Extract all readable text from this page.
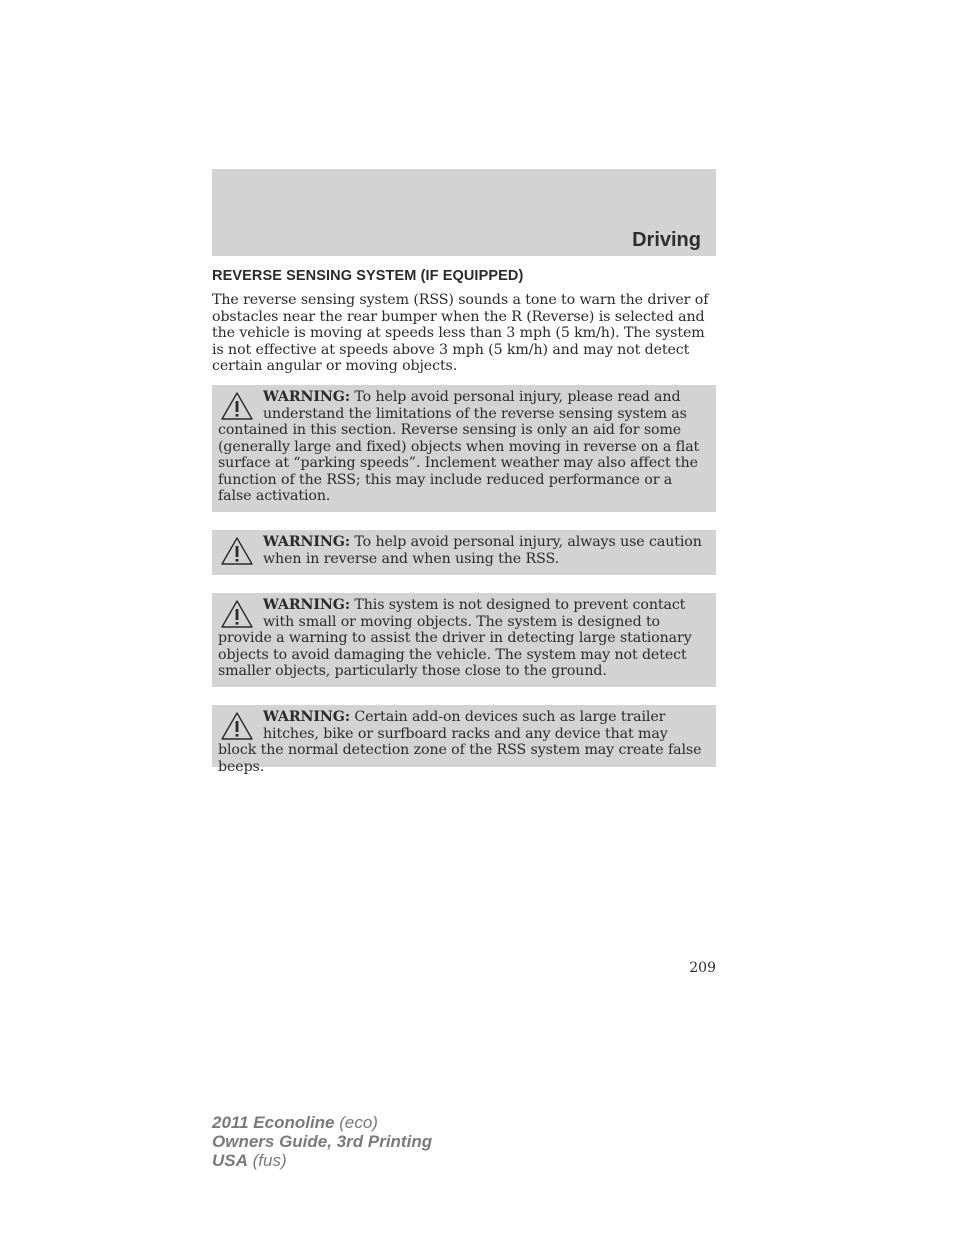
Driving
REVERSE SENSING SYSTEM (IF EQUIPPED)

The reverse sensing system (RSS) sounds a tone to warn the driver of obstacles near the rear bumper when the R (Reverse) is selected and the vehicle is moving at speeds less than 3 mph (5 km/h). The system is not effective at speeds above 3 mph (5 km/h) and may not detect certain angular or moving objects.

WARNING: To help avoid personal injury, please read and understand the limitations of the reverse sensing system as contained in this section. Reverse sensing is only an aid for some (generally large and fixed) objects when moving in reverse on a flat surface at “parking speeds”. Inclement weather may also affect the function of the RSS; this may include reduced performance or a false activation.
WARNING: To help avoid personal injury, always use caution when in reverse and when using the RSS.
WARNING: This system is not designed to prevent contact with small or moving objects. The system is designed to provide a warning to assist the driver in detecting large stationary objects to avoid damaging the vehicle. The system may not detect smaller objects, particularly those close to the ground.
WARNING: Certain add-on devices such as large trailer hitches, bike or surfboard racks and any device that may block the normal detection zone of the RSS system may create false beeps.
209
2011 Econoline (eco)
Owners Guide, 3rd Printing
USA (fus)
